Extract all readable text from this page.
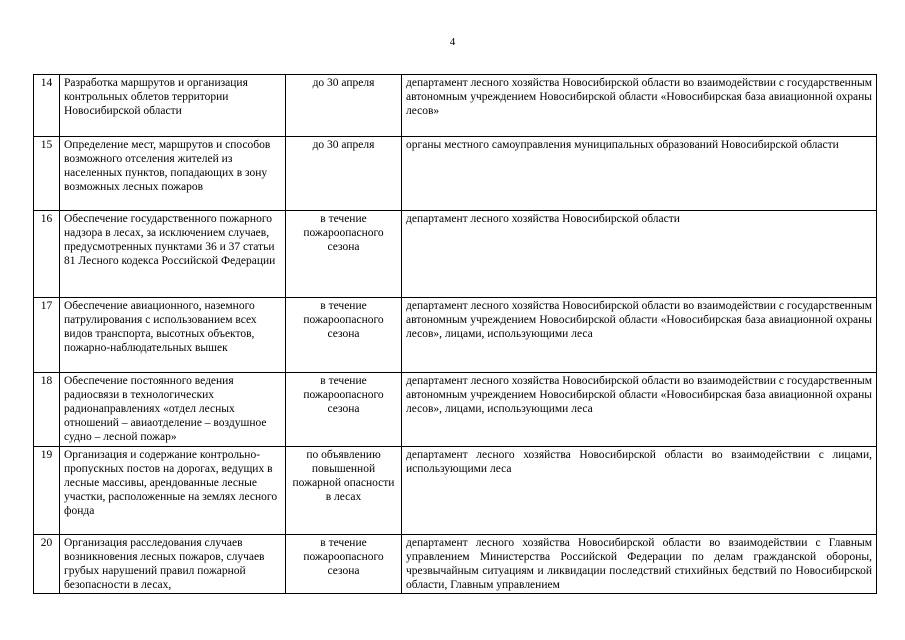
4
14	Разработка маршрутов и организация контрольных облетов территории Новосибирской области	до 30 апреля	департамент лесного хозяйства Новосибирской области во взаимодействии с государственным автономным учреждением Новосибирской области «Новосибирская база авиационной охраны лесов»
15	Определение мест, маршрутов и способов возможного отселения жителей из населенных пунктов, попадающих в зону возможных лесных пожаров	до 30 апреля	органы местного самоуправления муниципальных образований Новосибирской области
16	Обеспечение государственного пожарного надзора в лесах, за исключением случаев, предусмотренных пунктами 36 и 37 статьи 81 Лесного кодекса Российской Федерации	в течение пожароопасного сезона	департамент лесного хозяйства Новосибирской области
17	Обеспечение авиационного, наземного патрулирования с использованием всех видов транспорта, высотных объектов, пожарно-наблюдательных вышек	в течение пожароопасного сезона	департамент лесного хозяйства Новосибирской области во взаимодействии с государственным автономным учреждением Новосибирской области «Новосибирская база авиационной охраны лесов», лицами, использующими леса
18	Обеспечение постоянного ведения радиосвязи в технологических радионаправлениях «отдел лесных отношений – авиаотделение – воздушное судно – лесной пожар»	в течение пожароопасного сезона	департамент лесного хозяйства Новосибирской области во взаимодействии с государственным автономным учреждением Новосибирской области «Новосибирская база авиационной охраны лесов», лицами, использующими леса
19	Организация и содержание контрольно-пропускных постов на дорогах, ведущих в лесные массивы, арендованные лесные участки, расположенные на землях лесного фонда	по объявлению повышенной пожарной опасности в лесах	департамент лесного хозяйства Новосибирской области во взаимодействии с лицами, использующими леса
20	Организация расследования случаев возникновения лесных пожаров, случаев грубых нарушений правил пожарной безопасности в лесах,	в течение пожароопасного сезона	департамент лесного хозяйства Новосибирской области во взаимодействии с Главным управлением Министерства Российской Федерации по делам гражданской обороны, чрезвычайным ситуациям и ликвидации последствий стихийных бедствий по Новосибирской области, Главным управлением
